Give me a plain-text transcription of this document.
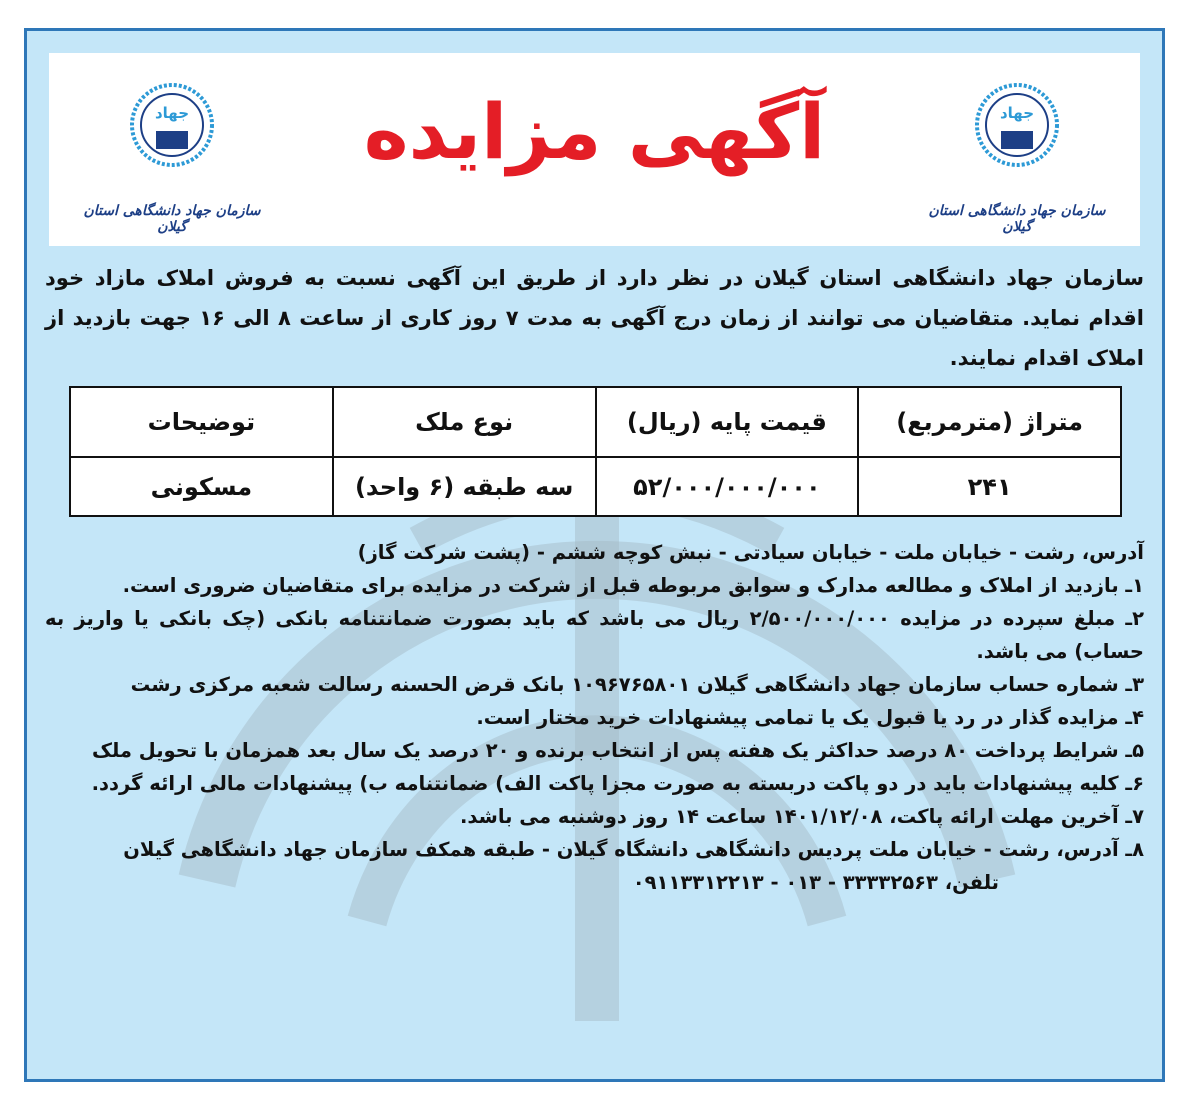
جهاد
سازمان جهاد دانشگاهی استان گیلان
آگهی مزایده
جهاد
سازمان جهاد دانشگاهی استان گیلان

سازمان جهاد دانشگاهی استان گیلان در نظر دارد از طریق این آگهی نسبت به فروش املاک مازاد خود اقدام نماید. متقاضیان می توانند از زمان درج آگهی به مدت ۷ روز کاری از ساعت ۸ الی ۱۶ جهت بازدید از املاک اقدام نمایند.

متراژ (مترمربع)	قیمت پایه (ریال)	نوع ملک	توضیحات
۲۴۱	۵۲/۰۰۰/۰۰۰/۰۰۰	سه طبقه (۶ واحد)	مسکونی

آدرس، رشت - خیابان ملت - خیابان سیادتی - نبش کوچه ششم - (پشت شرکت گاز)

۱ـ بازدید از املاک و مطالعه مدارک و سوابق مربوطه قبل از شرکت در مزایده برای متقاضیان ضروری است.

۲ـ مبلغ سپرده در مزایده ۲/۵۰۰/۰۰۰/۰۰۰ ریال می باشد که باید بصورت ضمانتنامه بانکی (چک بانکی یا واریز به حساب) می باشد.

۳ـ شماره حساب سازمان جهاد دانشگاهی گیلان ۱۰۹۶۷۶۵۸۰۱ بانک قرض الحسنه رسالت شعبه مرکزی رشت

۴ـ مزایده گذار در رد یا قبول یک یا تمامی پیشنهادات خرید مختار است.

۵ـ شرایط پرداخت ۸۰ درصد حداکثر یک هفته پس از انتخاب برنده و ۲۰ درصد یک سال بعد همزمان با تحویل ملک

۶ـ کلیه پیشنهادات باید در دو پاکت دربسته به صورت مجزا پاکت الف) ضمانتنامه ب) پیشنهادات مالی ارائه گردد.

۷ـ آخرین مهلت ارائه پاکت، ۱۴۰۱/۱۲/۰۸ ساعت ۱۴ روز دوشنبه می باشد.

۸ـ آدرس، رشت - خیابان ملت پردیس دانشگاهی دانشگاه گیلان - طبقه همکف سازمان جهاد دانشگاهی گیلان

تلفن، ۳۳۳۳۲۵۶۳ - ۰۱۳ - ۰۹۱۱۳۳۱۲۲۱۳
